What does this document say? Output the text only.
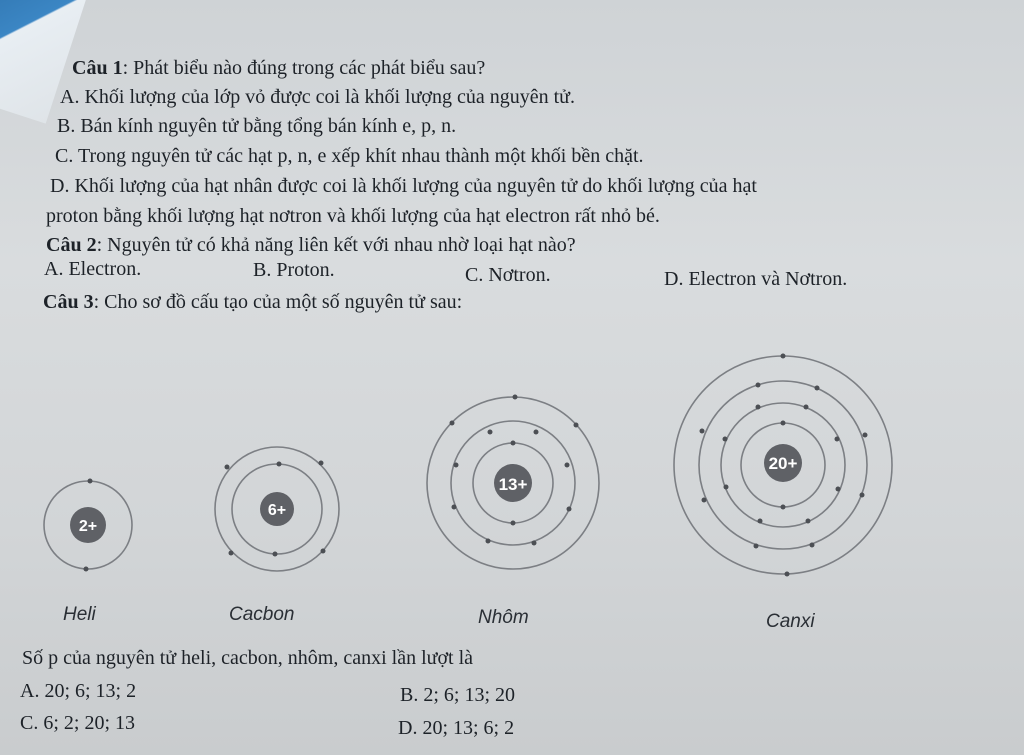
Câu 1: Phát biểu nào đúng trong các phát biểu sau?
A. Khối lượng của lớp vỏ được coi là khối lượng của nguyên tử.
B. Bán kính nguyên tử bằng tổng bán kính e, p, n.
C. Trong nguyên tử các hạt p, n, e xếp khít nhau thành một khối bền chặt.
D. Khối lượng của hạt nhân được coi là khối lượng của nguyên tử do khối lượng của hạt
proton bằng khối lượng hạt nơtron và khối lượng của hạt electron rất nhỏ bé.
Câu 2: Nguyên tử có khả năng liên kết với nhau nhờ loại hạt nào?
A. Electron.	B. Proton.	C. Nơtron.	D. Electron và Nơtron.
Câu 3: Cho sơ đồ cấu tạo của một số nguyên tử sau:
2+
6+
13+
20+
Heli	Cacbon	Nhôm	Canxi
Số p của nguyên tử heli, cacbon, nhôm, canxi lần lượt là
A. 20; 6; 13; 2	B. 2; 6; 13; 20
C. 6; 2; 20; 13	D. 20; 13; 6; 2
